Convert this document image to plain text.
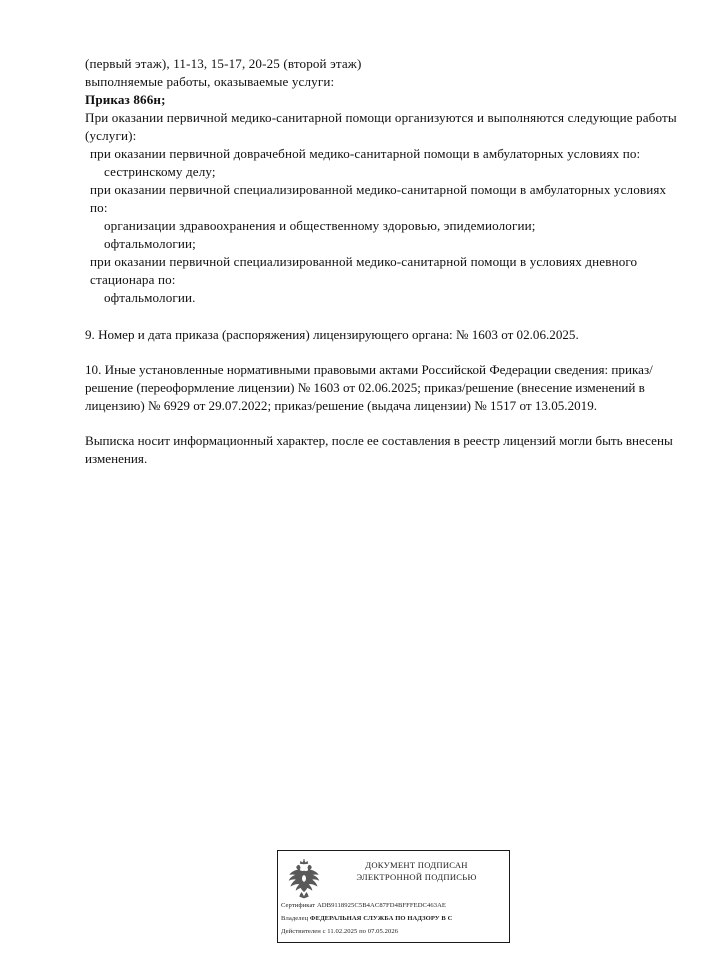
(первый этаж), 11-13, 15-17, 20-25 (второй этаж)
выполняемые работы, оказываемые услуги:
Приказ 866н;
При оказании первичной медико-санитарной помощи организуются и выполняются следующие работы (услуги):
при оказании первичной доврачебной медико-санитарной помощи в амбулаторных условиях по:
сестринскому делу;
при оказании первичной специализированной медико-санитарной помощи в амбулаторных условиях по:
организации здравоохранения и общественному здоровью, эпидемиологии;
офтальмологии;
при оказании первичной специализированной медико-санитарной помощи в условиях дневного стационара по:
офтальмологии.
9. Номер и дата приказа (распоряжения) лицензирующего органа: № 1603 от 02.06.2025.
10. Иные установленные нормативными правовыми актами Российской Федерации сведения: приказ/решение (переоформление лицензии) № 1603 от 02.06.2025; приказ/решение (внесение изменений в лицензию) № 6929 от 29.07.2022; приказ/решение (выдача лицензии) № 1517 от 13.05.2019.
Выписка носит информационный характер, после ее составления в реестр лицензий могли быть внесены изменения.
ДОКУМЕНТ ПОДПИСАН
ЭЛЕКТРОННОЙ ПОДПИСЬЮ
Сертификат ADB9118925C5B4AC87FD4BFFFEDC463AE
Владелец ФЕДЕРАЛЬНАЯ СЛУЖБА ПО НАДЗОРУ В С
Действителен с 11.02.2025 по 07.05.2026
